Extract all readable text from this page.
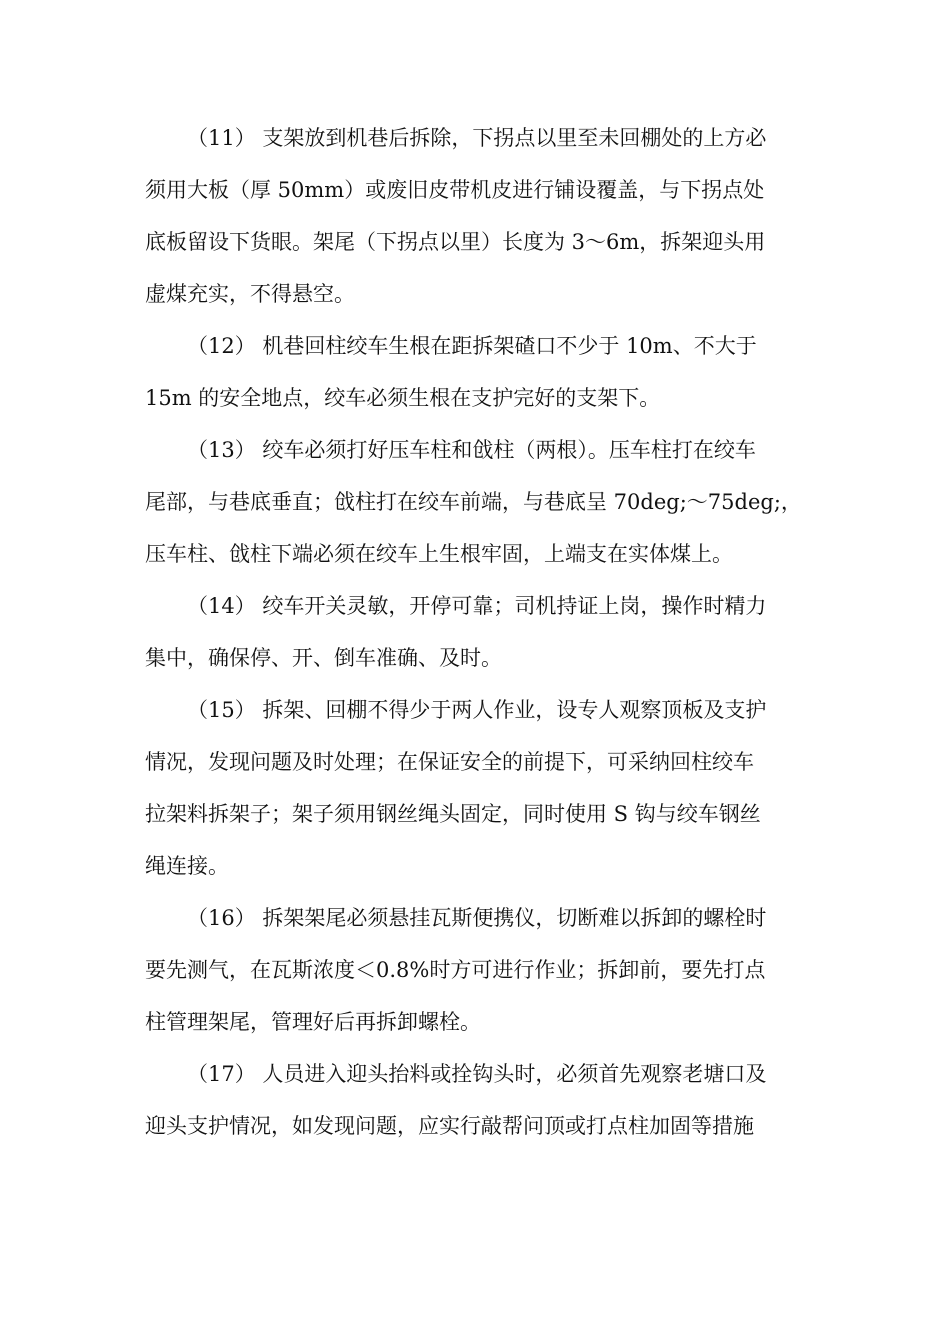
（11） 支架放到机巷后拆除，下拐点以里至未回棚处的上方必
须用大板（厚 50mm）或废旧皮带机皮进行铺设覆盖，与下拐点处
底板留设下货眼。架尾（下拐点以里）长度为 3～6m，拆架迎头用
虚煤充实，不得悬空。

（12） 机巷回柱绞车生根在距拆架碴口不少于 10m、不大于
15m 的安全地点，绞车必须生根在支护完好的支架下。

（13） 绞车必须打好压车柱和戗柱（两根）。压车柱打在绞车
尾部，与巷底垂直；戗柱打在绞车前端，与巷底呈 70deg;～75deg;，
压车柱、戗柱下端必须在绞车上生根牢固，上端支在实体煤上。

（14） 绞车开关灵敏，开停可靠；司机持证上岗，操作时精力
集中，确保停、开、倒车准确、及时。

（15） 拆架、回棚不得少于两人作业，设专人观察顶板及支护
情况，发现问题及时处理；在保证安全的前提下，可采纳回柱绞车
拉架料拆架子；架子须用钢丝绳头固定，同时使用 S 钩与绞车钢丝
绳连接。

（16） 拆架架尾必须悬挂瓦斯便携仪，切断难以拆卸的螺栓时
要先测气，在瓦斯浓度＜0.8%时方可进行作业；拆卸前，要先打点
柱管理架尾，管理好后再拆卸螺栓。

（17） 人员进入迎头抬料或拴钩头时，必须首先观察老塘口及
迎头支护情况，如发现问题，应实行敲帮问顶或打点柱加固等措施
